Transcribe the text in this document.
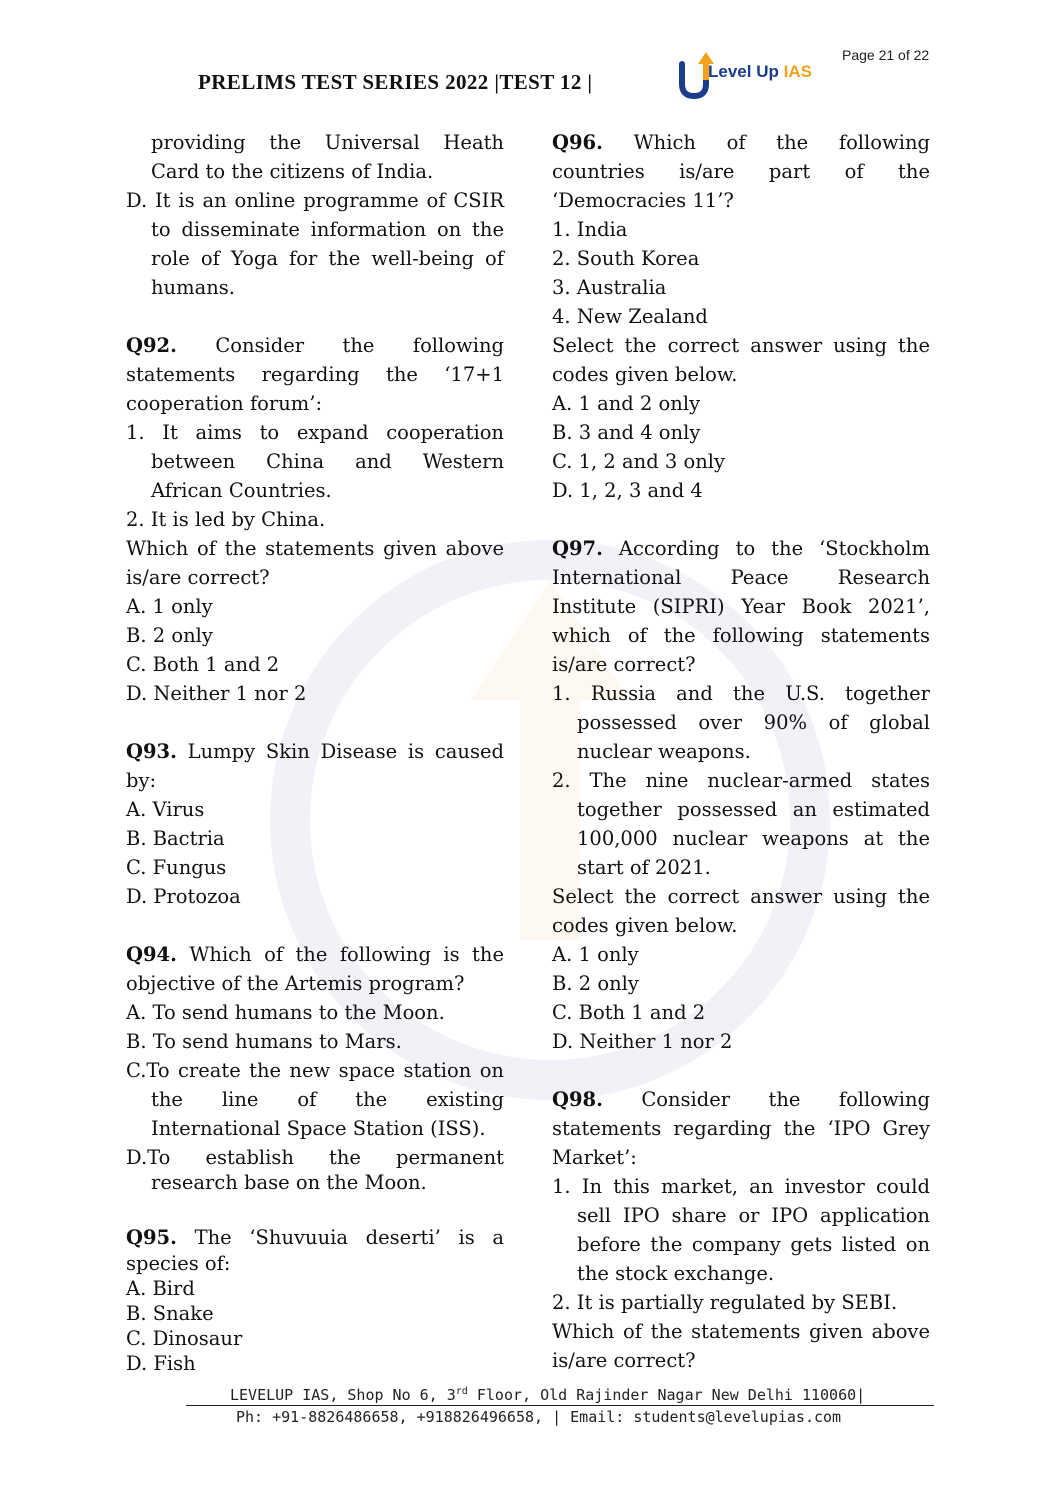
Page 21 of 22
PRELIMS TEST SERIES 2022 |TEST 12 |	Level Up IAS
providing the Universal Heath
Card to the citizens of India.
D. It is an online programme of CSIR
to disseminate information on the
role of Yoga for the well-being of
humans.
Q92. Consider the following
statements regarding the ‘17+1
cooperation forum’:
1. It aims to expand cooperation
between China and Western
African Countries.
2. It is led by China.
Which of the statements given above
is/are correct?
A. 1 only
B. 2 only
C. Both 1 and 2
D. Neither 1 nor 2
Q93. Lumpy Skin Disease is caused
by:
A. Virus
B. Bactria
C. Fungus
D. Protozoa
Q94. Which of the following is the
objective of the Artemis program?
A. To send humans to the Moon.
B. To send humans to Mars.
C.To create the new space station on
the line of the existing
International Space Station (ISS).
D.To establish the permanent
research base on the Moon.
Q95. The ‘Shuvuuia deserti’ is a
species of:
A. Bird
B. Snake
C. Dinosaur
D. Fish
Q96. Which of the following
countries is/are part of the
‘Democracies 11’?
1. India
2. South Korea
3. Australia
4. New Zealand
Select the correct answer using the
codes given below.
A. 1 and 2 only
B. 3 and 4 only
C. 1, 2 and 3 only
D. 1, 2, 3 and 4
Q97. According to the ‘Stockholm
International Peace Research
Institute (SIPRI) Year Book 2021’,
which of the following statements
is/are correct?
1. Russia and the U.S. together
possessed over 90% of global
nuclear weapons.
2. The nine nuclear-armed states
together possessed an estimated
100,000 nuclear weapons at the
start of 2021.
Select the correct answer using the
codes given below.
A. 1 only
B. 2 only
C. Both 1 and 2
D. Neither 1 nor 2
Q98. Consider the following
statements regarding the ‘IPO Grey
Market’:
1. In this market, an investor could
sell IPO share or IPO application
before the company gets listed on
the stock exchange.
2. It is partially regulated by SEBI.
Which of the statements given above
is/are correct?
LEVELUP IAS, Shop No 6, 3rd Floor, Old Rajinder Nagar New Delhi 110060|
Ph: +91-8826486658, +918826496658, | Email: students@levelupias.com
